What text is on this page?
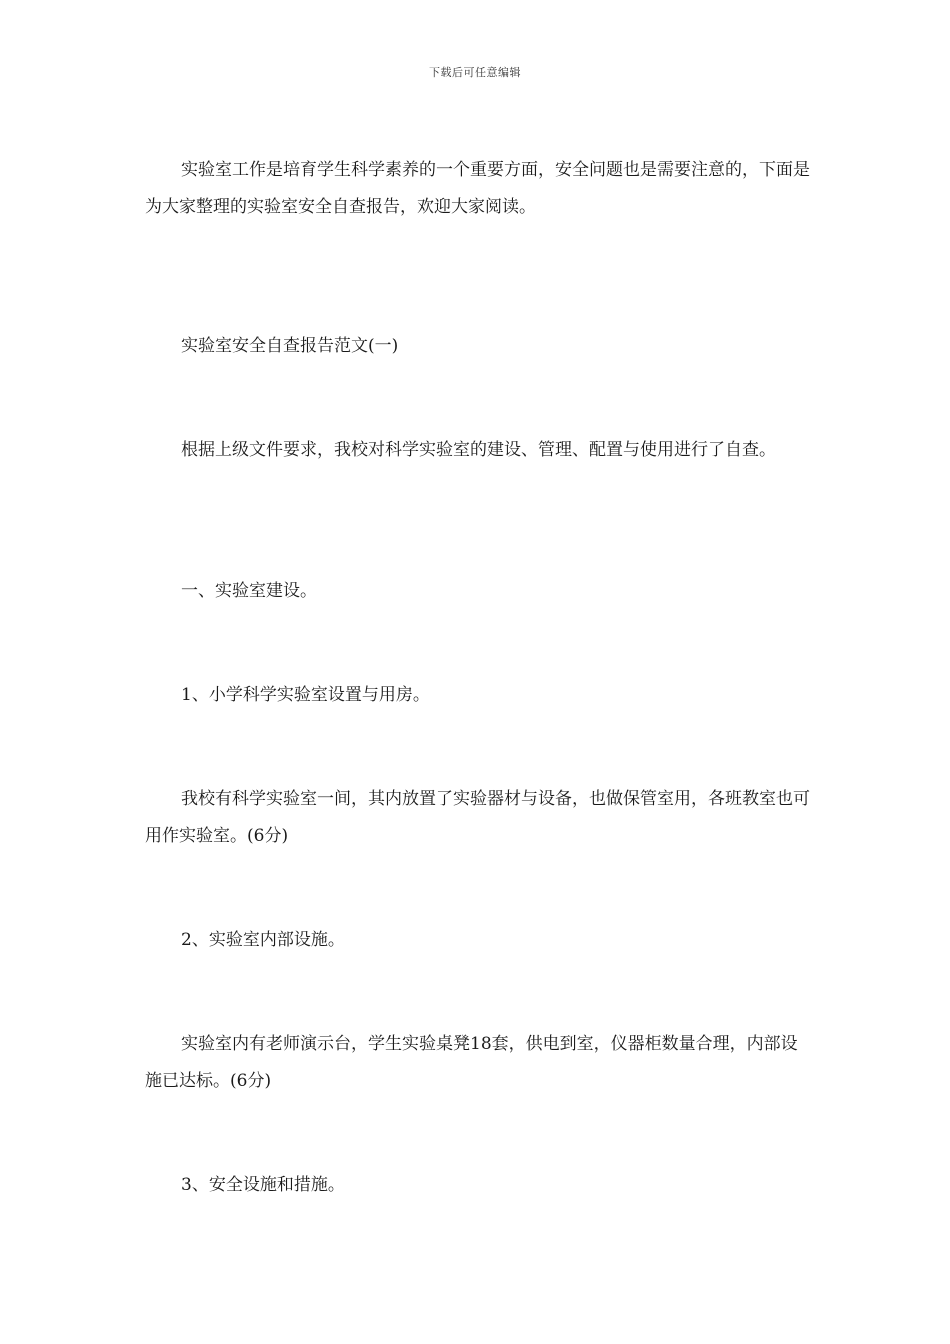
下载后可任意编辑

实验室工作是培育学生科学素养的一个重要方面，安全问题也是需要注意的，下面是为大家整理的实验室安全自查报告，欢迎大家阅读。

实验室安全自查报告范文(一)

根据上级文件要求，我校对科学实验室的建设、管理、配置与使用进行了自查。

一、实验室建设。

1、小学科学实验室设置与用房。

我校有科学实验室一间，其内放置了实验器材与设备，也做保管室用，各班教室也可用作实验室。(6分)

2、实验室内部设施。

实验室内有老师演示台，学生实验桌凳18套，供电到室，仪器柜数量合理，内部设施已达标。(6分)

3、安全设施和措施。
